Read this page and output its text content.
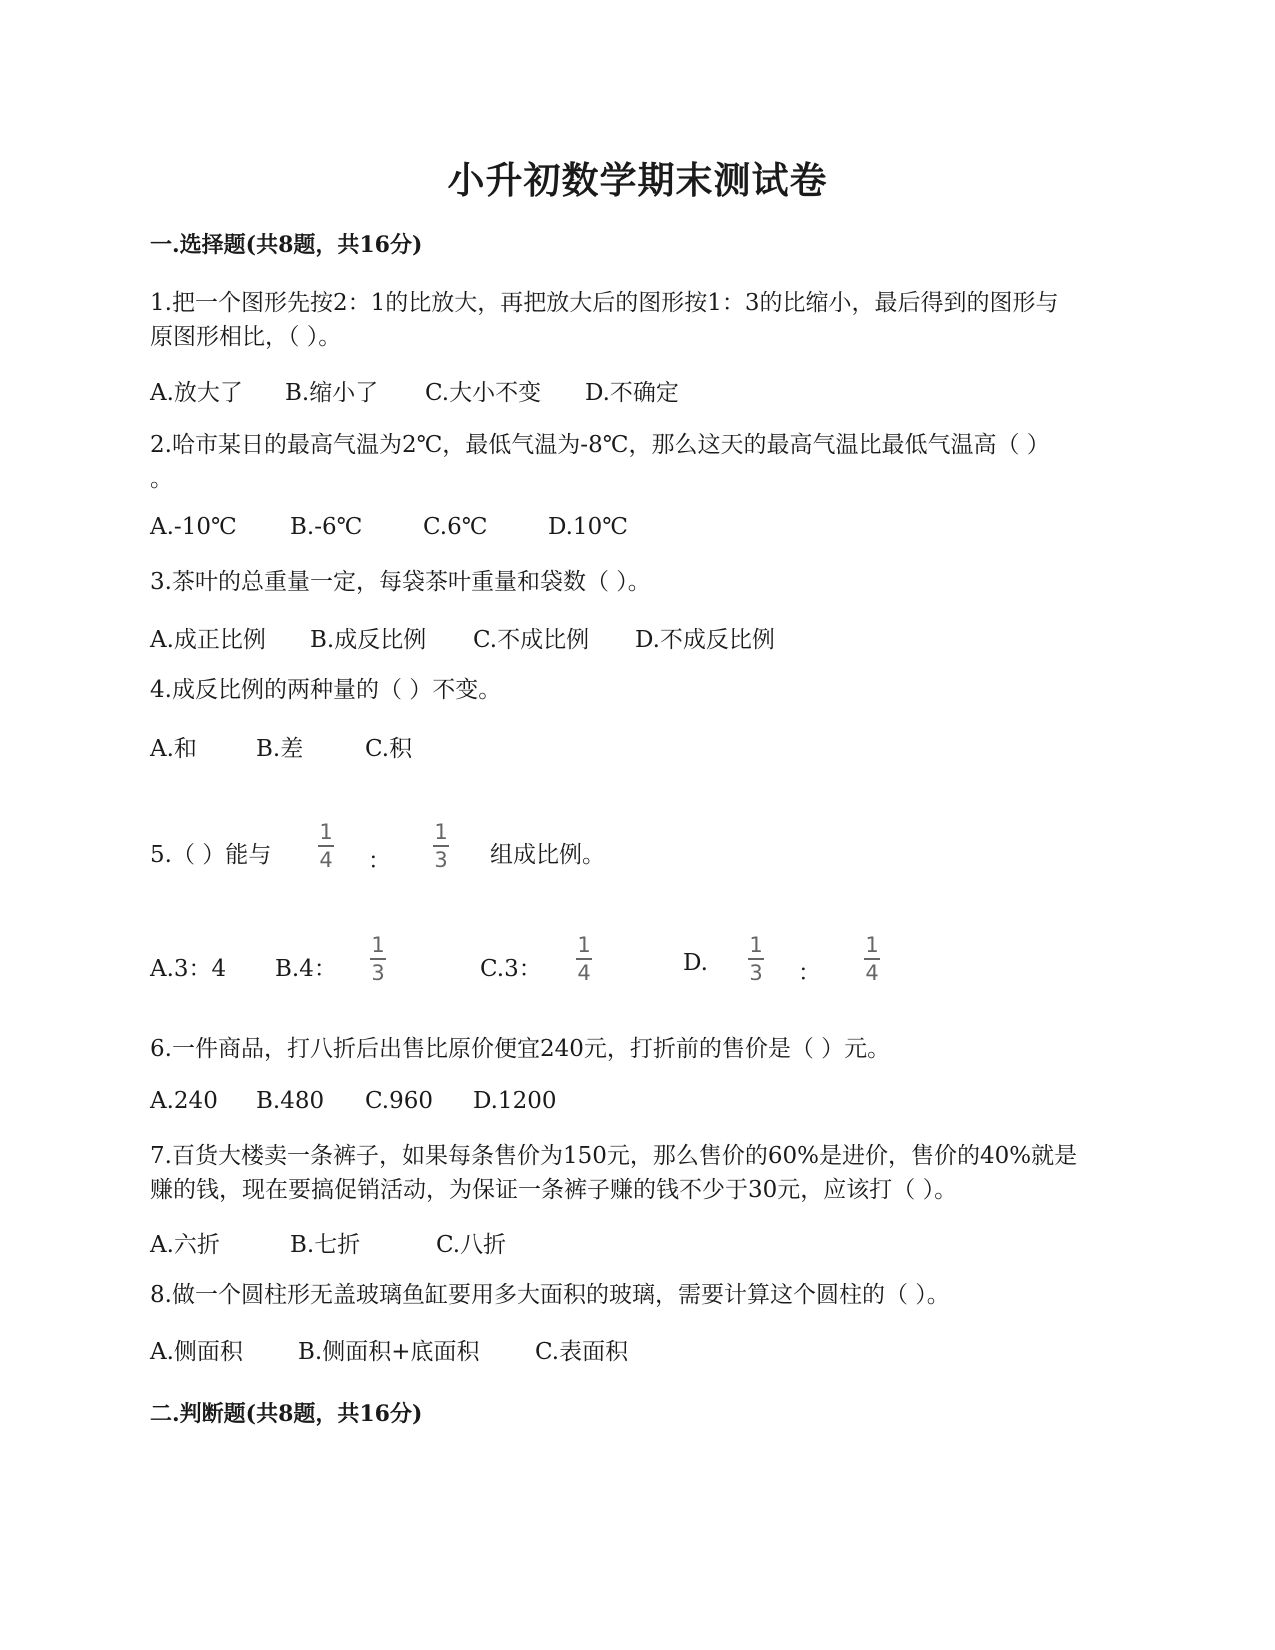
小升初数学期末测试卷
一.选择题(共8题，共16分)
1.把一个图形先按2：1的比放大，再把放大后的图形按1：3的比缩小，最后得到的图形与
原图形相比，（ ）。
A.放大了 B.缩小了 C.大小不变 D.不确定
2.哈市某日的最高气温为2℃，最低气温为-8℃，那么这天的最高气温比最低气温高（ ）
。
A.-10℃ B.-6℃	C.6℃	D.10℃
3.茶叶的总重量一定，每袋茶叶重量和袋数（ ）。
A.成正比例 B.成反比例 C.不成比例 D.不成反比例
4.成反比例的两种量的（ ）不变。
A.和	B.差	C.积
5.（ ）能与
1
4 ：
1
3 组成比例。
A.3：4 B.4：
1
3	C.3：
1
4	D.
1
3 ：
1
4
6.一件商品，打八折后出售比原价便宜240元，打折前的售价是（ ）元。
A.240 B.480 C.960 D.1200
7.百货大楼卖一条裤子，如果每条售价为150元，那么售价的60%是进价，售价的40%就是
赚的钱，现在要搞促销活动，为保证一条裤子赚的钱不少于30元，应该打（ ）。
A.六折	B.七折	C.八折
8.做一个圆柱形无盖玻璃鱼缸要用多大面积的玻璃，需要计算这个圆柱的（ ）。
A.侧面积 B.侧面积+底面积 C.表面积
二.判断题(共8题，共16分)
